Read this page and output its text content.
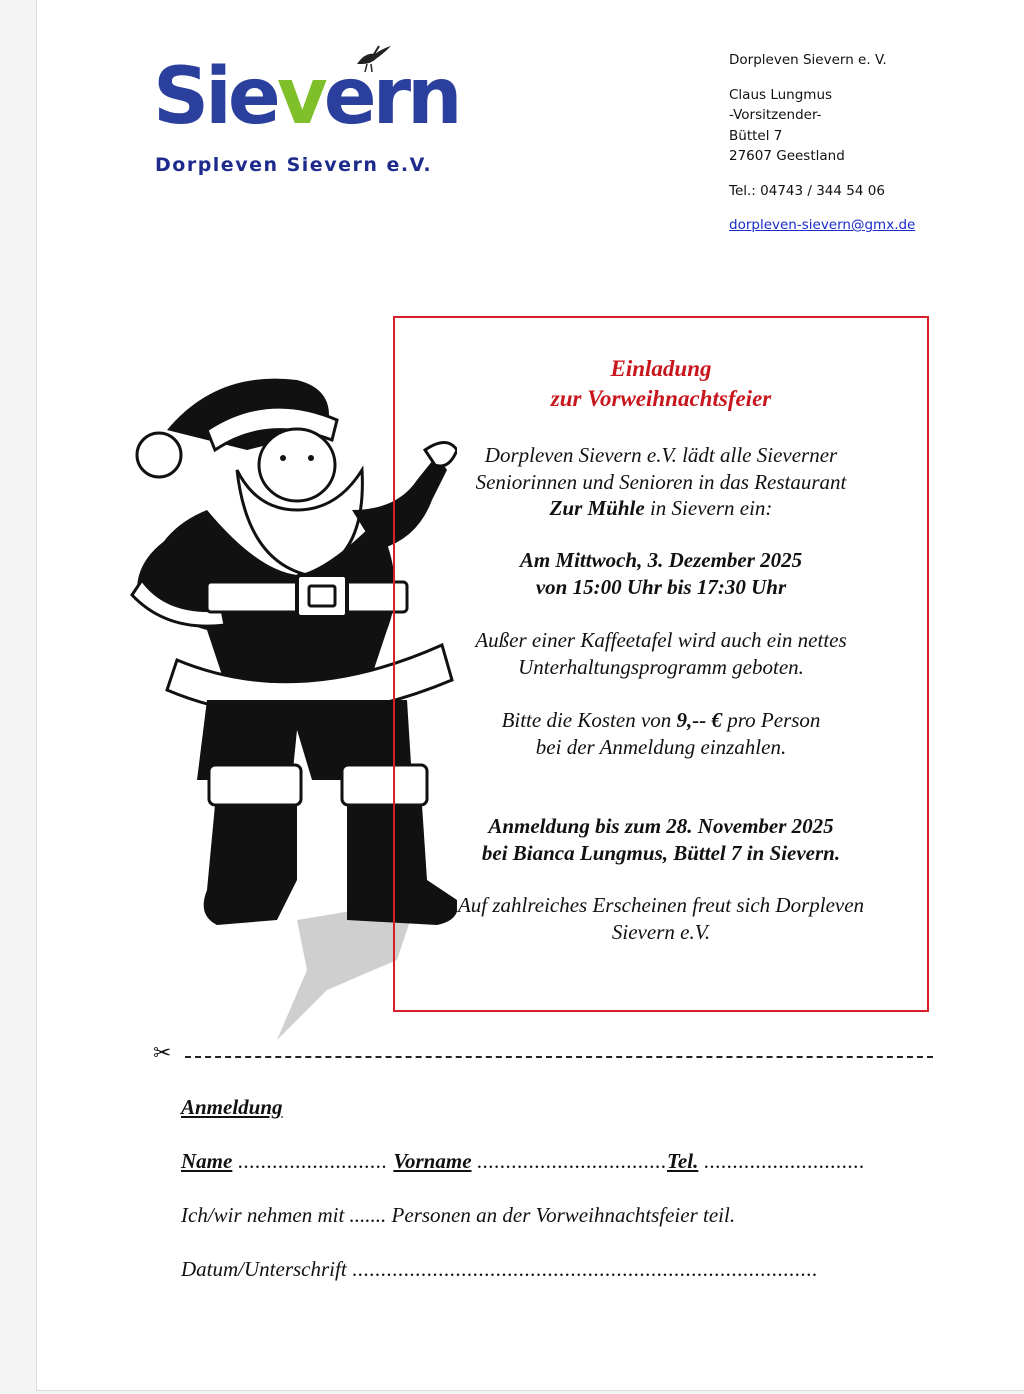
Sievern
Dorpleven Sievern e.V.
Dorpleven Sievern e. V.
Claus Lungmus
-Vorsitzender-
Büttel 7
27607 Geestland
Tel.: 04743 / 344 54 06
dorpleven-sievern@gmx.de
Einladung
zur Vorweihnachtsfeier
Dorpleven Sievern e.V. lädt alle Sieverner
Seniorinnen und Senioren in das Restaurant
Zur Mühle in Sievern ein:
Am Mittwoch, 3. Dezember 2025
von 15:00 Uhr bis 17:30 Uhr
Außer einer Kaffeetafel wird auch ein nettes
Unterhaltungsprogramm geboten.
Bitte die Kosten von 9,-- € pro Person
bei der Anmeldung einzahlen.
Anmeldung bis zum 28. November 2025
bei Bianca Lungmus, Büttel 7 in Sievern.
Auf zahlreiches Erscheinen freut sich Dorpleven
Sievern e.V.
✂
Anmeldung
Name .......................... Vorname .................................Tel. ............................
Ich/wir nehmen mit ....... Personen an der Vorweihnachtsfeier teil.
Datum/Unterschrift .................................................................................
